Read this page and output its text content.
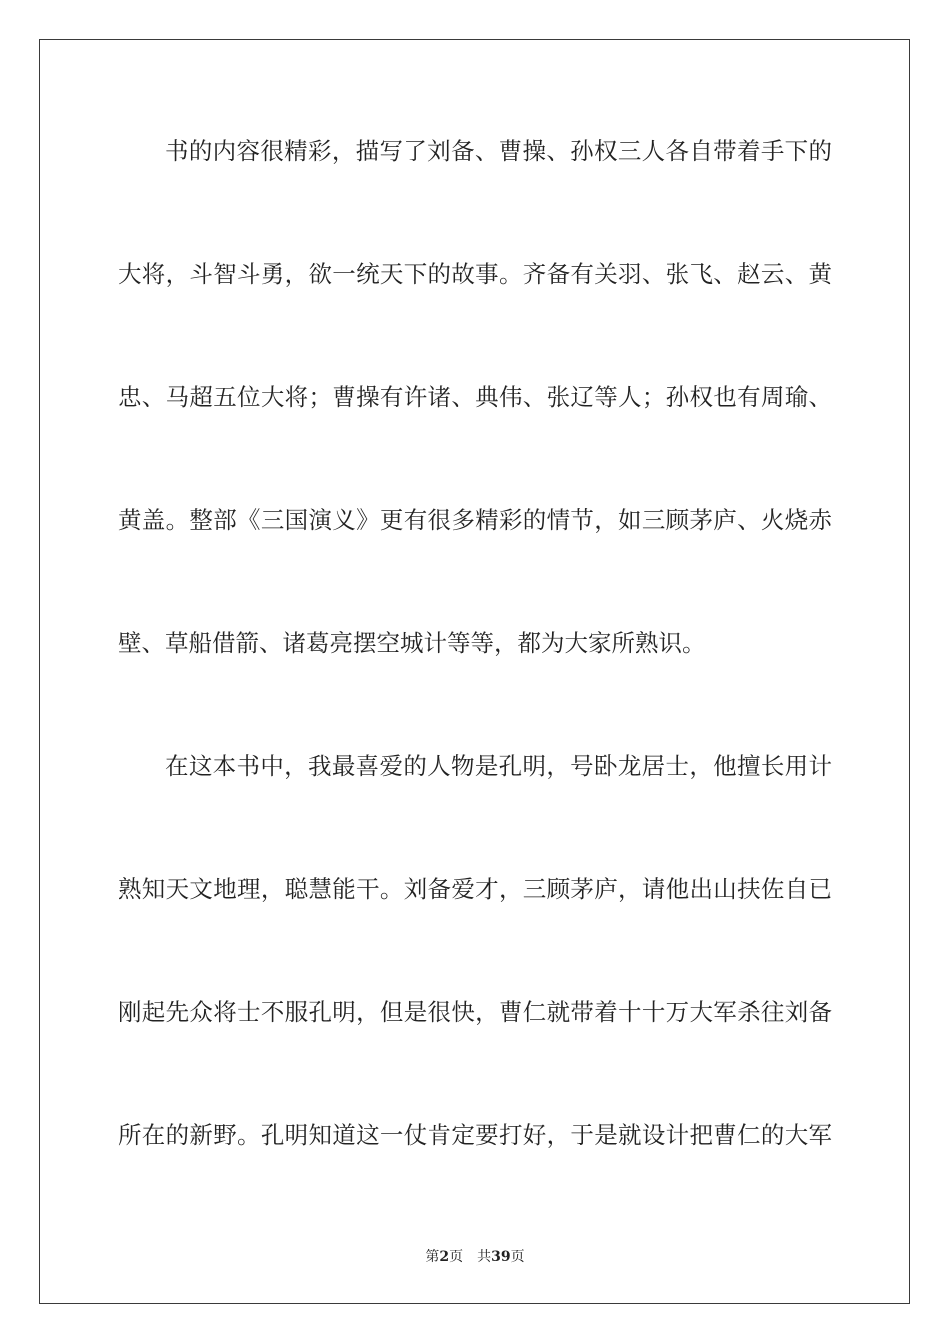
书的内容很精彩，描写了刘备、曹操、孙权三人各自带着手下的
大将，斗智斗勇，欲一统天下的故事。齐备有关羽、张飞、赵云、黄
忠、马超五位大将；曹操有许诸、典伟、张辽等人；孙权也有周瑜、
黄盖。整部《三国演义》更有很多精彩的情节，如三顾茅庐、火烧赤
壁、草船借箭、诸葛亮摆空城计等等，都为大家所熟识。
在这本书中，我最喜爱的人物是孔明，号卧龙居士，他擅长用计
熟知天文地理，聪慧能干。刘备爱才，三顾茅庐，请他出山扶佐自已
刚起先众将士不服孔明，但是很快，曹仁就带着十十万大军杀往刘备
所在的新野。孔明知道这一仗肯定要打好，于是就设计把曹仁的大军
第2页 共39页
